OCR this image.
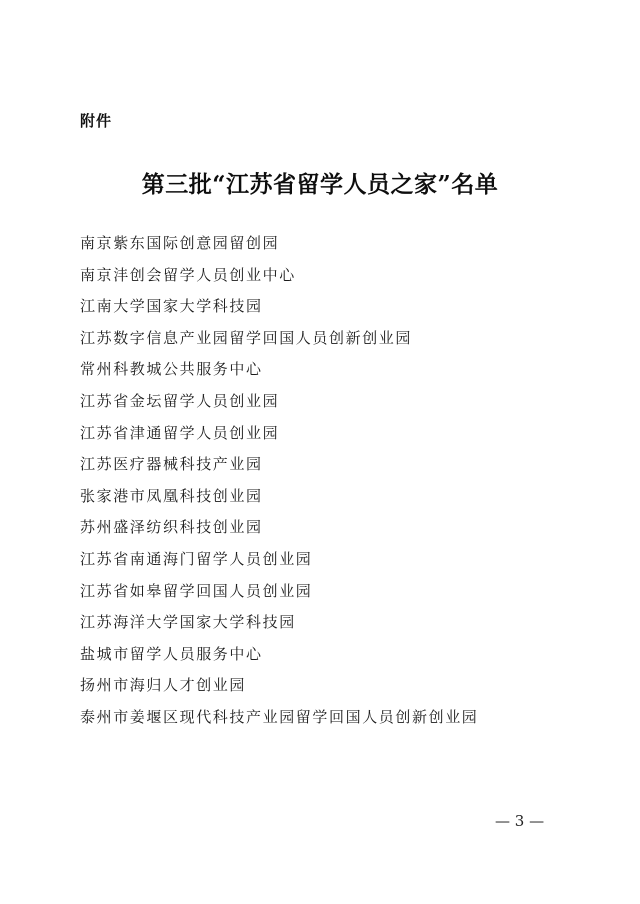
附件
第三批“江苏省留学人员之家”名单
南京紫东国际创意园留创园
南京沣创会留学人员创业中心
江南大学国家大学科技园
江苏数字信息产业园留学回国人员创新创业园
常州科教城公共服务中心
江苏省金坛留学人员创业园
江苏省津通留学人员创业园
江苏医疗器械科技产业园
张家港市凤凰科技创业园
苏州盛泽纺织科技创业园
江苏省南通海门留学人员创业园
江苏省如皋留学回国人员创业园
江苏海洋大学国家大学科技园
盐城市留学人员服务中心
扬州市海归人才创业园
泰州市姜堰区现代科技产业园留学回国人员创新创业园
— 3 —
